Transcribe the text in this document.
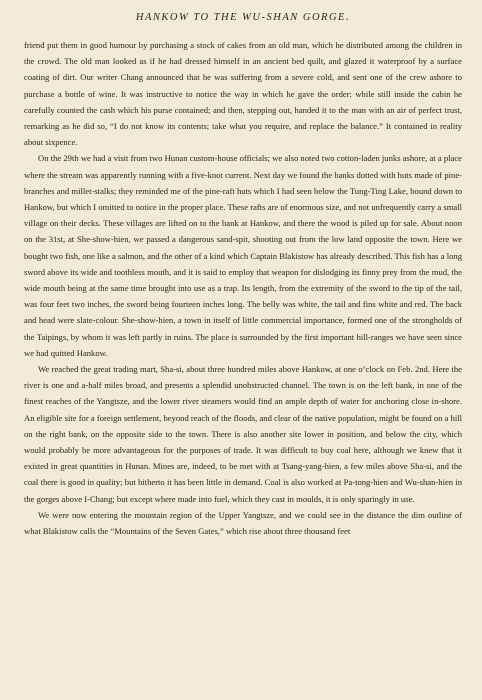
HANKOW TO THE WU-SHAN GORGE.

friend put them in good humour by purchasing a stock of cakes from an old man, which he distributed among the children in the crowd. The old man looked as if he had dressed himself in an ancient bed quilt, and glazed it waterproof by a surface coating of dirt. Our writer Chang announced that he was suffering from a severe cold, and sent one of the crew ashore to purchase a bottle of wine. It was instructive to notice the way in which he gave the order: while still inside the cabin he carefully counted the cash which his purse contained; and then, stepping out, handed it to the man with an air of perfect trust, remarking as he did so, “I do not know its contents; take what you require, and replace the balance.” It contained in reality about sixpence.

On the 29th we had a visit from two Hunan custom-house officials; we also noted two cotton-laden junks ashore, at a place where the stream was apparently running with a five-knot current. Next day we found the banks dotted with huts made of pine-branches and millet-stalks; they reminded me of the pine-raft huts which I had seen below the Tung-Ting Lake, bound down to Hankow, but which I omitted to notice in the proper place. These rafts are of enormous size, and not unfrequently carry a small village on their decks. These villages are lifted on to the bank at Hankow, and there the wood is piled up for sale. About noon on the 31st, at She-show-hien, we passed a dangerous sand-spit, shooting out from the low land opposite the town. Here we bought two fish, one like a salmon, and the other of a kind which Captain Blakistow has already described. This fish has a long sword above its wide and toothless mouth, and it is said to employ that weapon for dislodging its finny prey from the mud, the wide mouth being at the same time brought into use as a trap. Its length, from the extremity of the sword to the tip of the tail, was four feet two inches, the sword being fourteen inches long. The belly was white, the tail and fins white and red. The back and head were slate-colour. She-show-hien, a town in itself of little commercial importance, formed one of the strongholds of the Taipings, by whom it was left partly in ruins. The place is surrounded by the first important hill-ranges we have seen since we had quitted Hankow.

We reached the great trading mart, Sha-si, about three hundred miles above Hankow, at one o’clock on Feb. 2nd. Here the river is one and a-half miles broad, and presents a splendid unobstructed channel. The town is on the left bank, in one of the finest reaches of the Yangtsze, and the lower river steamers would find an ample depth of water for anchoring close in-shore. An eligible site for a foreign settlement, beyond reach of the floods, and clear of the native population, might be found on a hill on the right bank, on the opposite side to the town. There is also another site lower in position, and below the city, which would probably be more advantageous for the purposes of trade. It was difficult to buy coal here, although we knew that it existed in great quantities in Hunan. Mines are, indeed, to be met with at Tsang-yang-hien, a few miles above Sha-si, and the coal there is good in quality; but hitherto it has been little in demand. Coal is also worked at Pa-tong-hien and Wu-shan-hien in the gorges above I-Chang; but except where made into fuel, which they cast in moulds, it is only sparingly in use.

We were now entering the mountain region of the Upper Yangtsze, and we could see in the distance the dim outline of what Blakistow calls the “Mountains of the Seven Gates,” which rise about three thousand feet
